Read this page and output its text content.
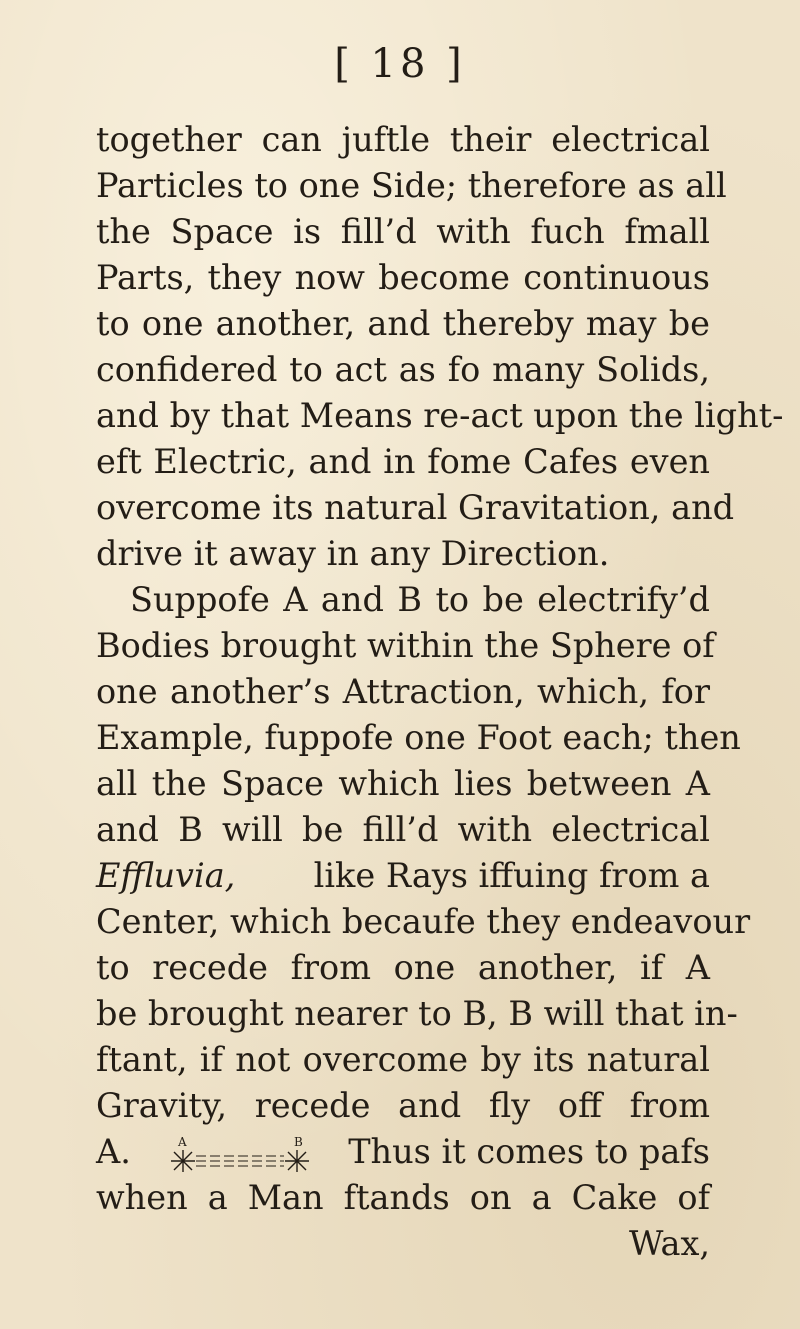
[ 18 ]
together can juftle their electrical
Particles to one Side; therefore as all
the Space is fill’d with fuch fmall
Parts, they now become continuous
to one another, and thereby may be
confidered to act as fo many Solids,
and by that Means re-act upon the light-
eft Electric, and in fome Cafes even
overcome its natural Gravitation, and
drive it away in any Direction.
Suppofe A and B to be electrify’d
Bodies brought within the Sphere of
one another’s Attraction, which, for
Example, fuppofe one Foot each; then
all the Space which lies between A
and B will be fill’d with electrical
Effluvia, like Rays iffuing from a
Center, which becaufe they endeavour
to recede from one another, if A
be brought nearer to B, B will that in-
ftant, if not overcome by its natural
Gravity, recede and fly off from
A.	A	B Thus it comes to pafs
when a Man ftands on a Cake of
Wax,
